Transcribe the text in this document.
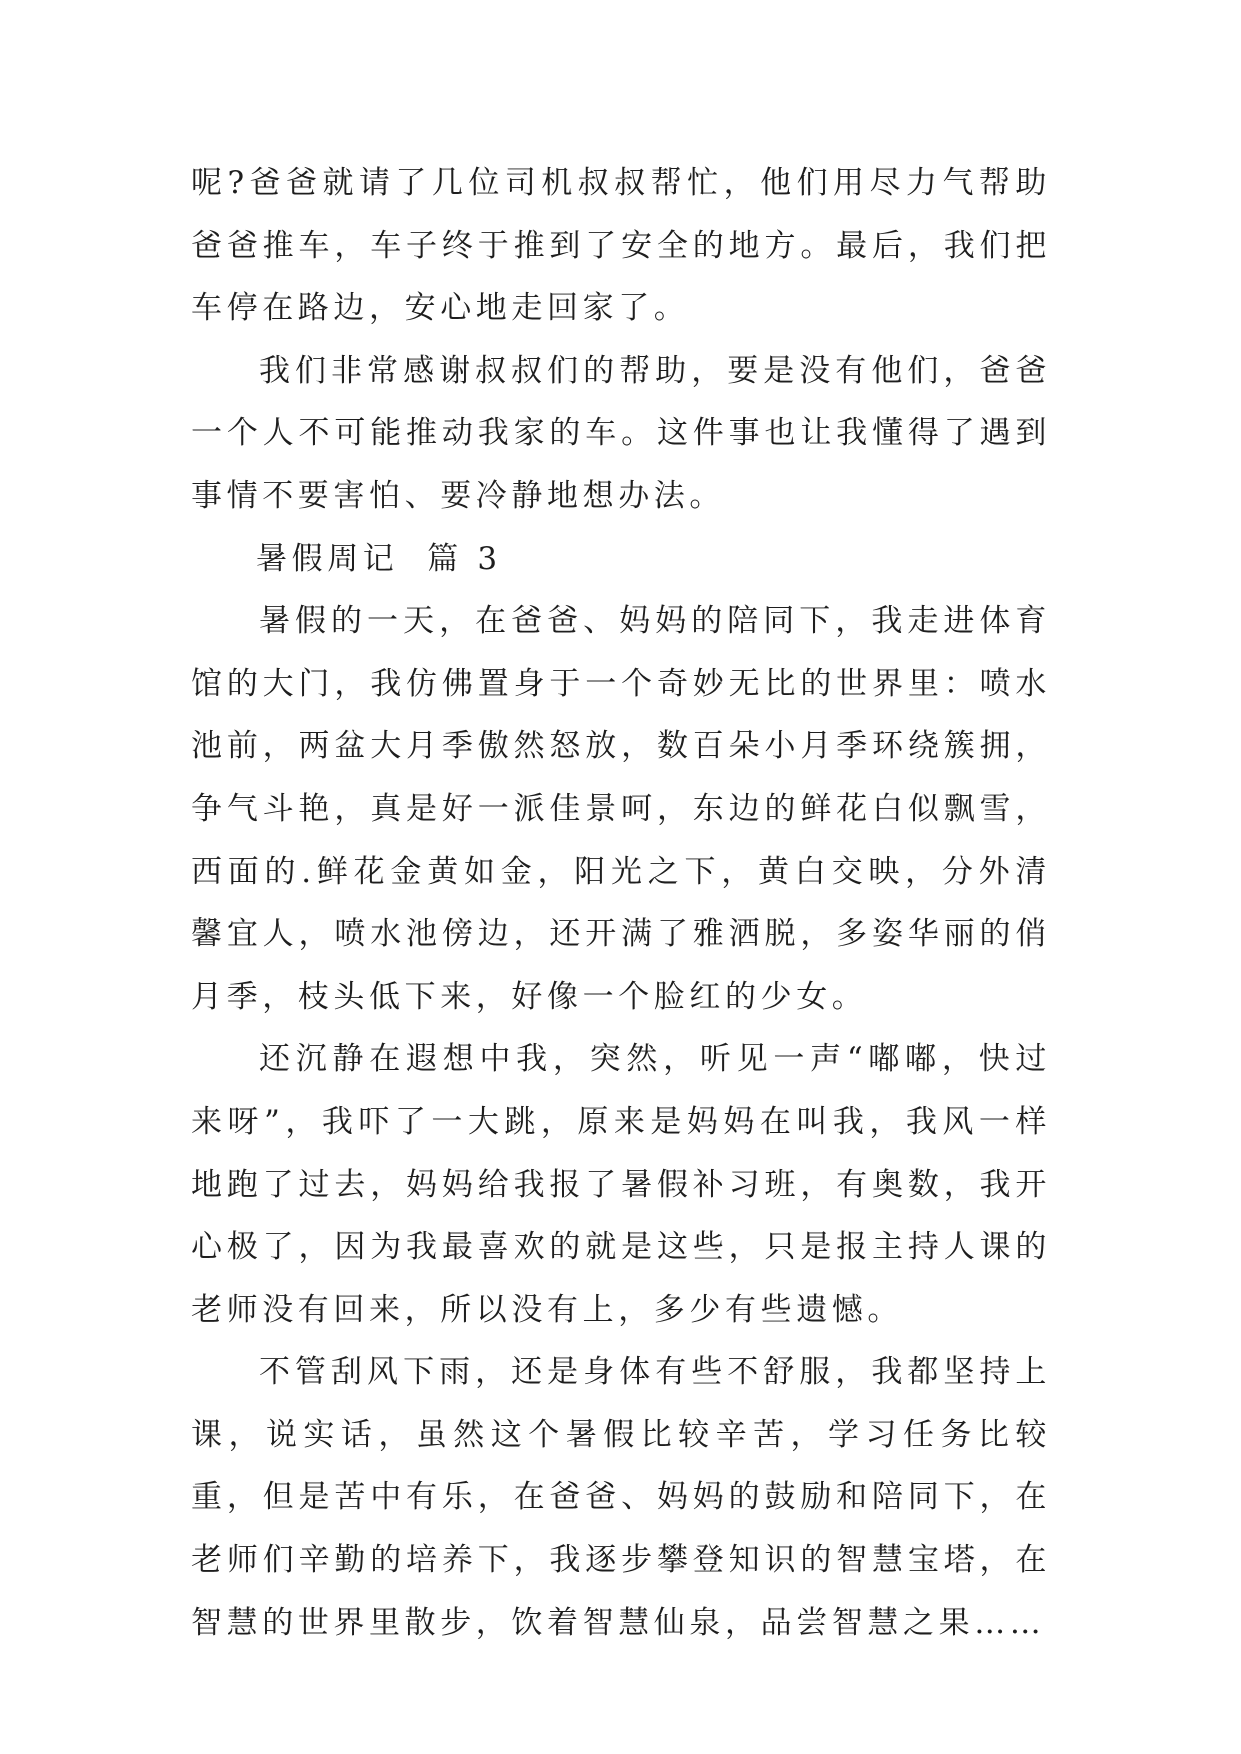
呢?爸爸就请了几位司机叔叔帮忙，他们用尽力气帮助爸爸推车，车子终于推到了安全的地方。最后，我们把车停在路边，安心地走回家了。

我们非常感谢叔叔们的帮助，要是没有他们，爸爸一个人不可能推动我家的车。这件事也让我懂得了遇到事情不要害怕、要冷静地想办法。

暑假周记  篇 3

暑假的一天，在爸爸、妈妈的陪同下，我走进体育馆的大门，我仿佛置身于一个奇妙无比的世界里：喷水池前，两盆大月季傲然怒放，数百朵小月季环绕簇拥，争气斗艳，真是好一派佳景呵，东边的鲜花白似飘雪，西面的.鲜花金黄如金，阳光之下，黄白交映，分外清馨宜人，喷水池傍边，还开满了雅洒脱，多姿华丽的俏月季，枝头低下来，好像一个脸红的少女。

还沉静在遐想中我，突然，听见一声“嘟嘟，快过来呀”，我吓了一大跳，原来是妈妈在叫我，我风一样地跑了过去，妈妈给我报了暑假补习班，有奥数，我开心极了，因为我最喜欢的就是这些，只是报主持人课的老师没有回来，所以没有上，多少有些遗憾。

不管刮风下雨，还是身体有些不舒服，我都坚持上课，说实话，虽然这个暑假比较辛苦，学习任务比较重，但是苦中有乐，在爸爸、妈妈的鼓励和陪同下，在老师们辛勤的培养下，我逐步攀登知识的智慧宝塔，在智慧的世界里散步，饮着智慧仙泉，品尝智慧之果……
